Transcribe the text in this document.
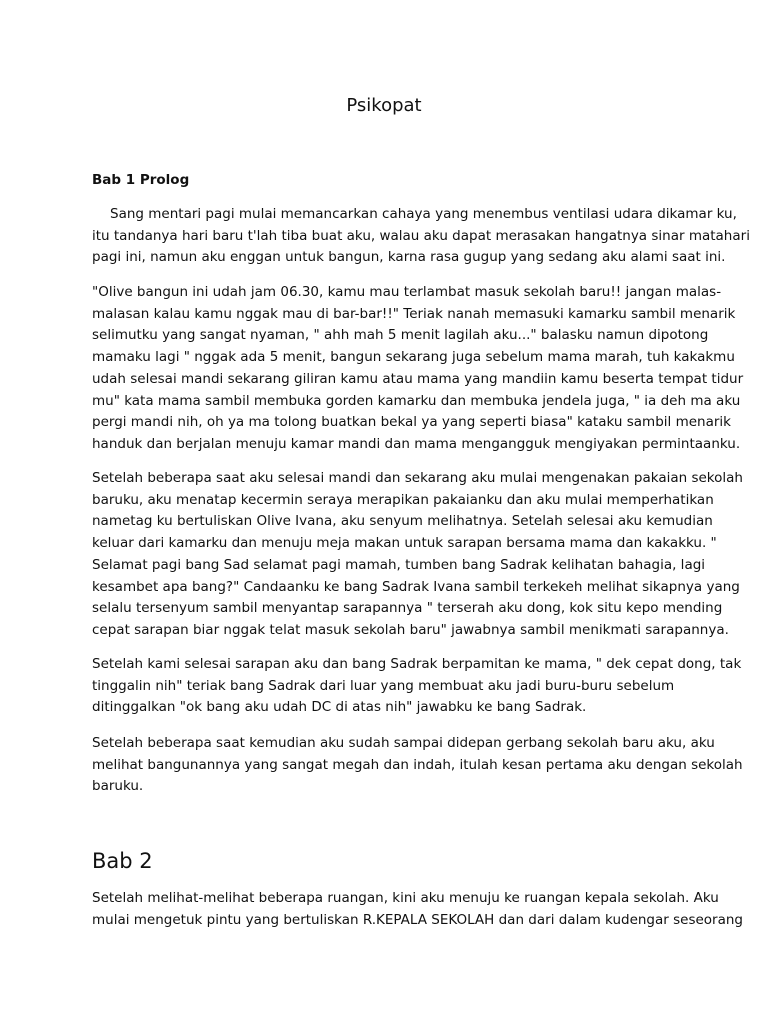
Psikopat
Bab 1 Prolog

Sang mentari pagi mulai memancarkan cahaya yang menembus ventilasi udara dikamar ku,
itu tandanya hari baru t'lah tiba buat aku, walau aku dapat merasakan hangatnya sinar matahari
pagi ini, namun aku enggan untuk bangun, karna rasa gugup yang sedang aku alami saat ini.

"Olive bangun ini udah jam 06.30, kamu mau terlambat masuk sekolah baru!! jangan malas-
malasan kalau kamu nggak mau di bar-bar!!" Teriak nanah memasuki kamarku sambil menarik
selimutku yang sangat nyaman, " ahh mah 5 menit lagilah aku..." balasku namun dipotong
mamaku lagi " nggak ada 5 menit, bangun sekarang juga sebelum mama marah, tuh kakakmu
udah selesai mandi sekarang giliran kamu atau mama yang mandiin kamu beserta tempat tidur
mu" kata mama sambil membuka gorden kamarku dan membuka jendela juga, " ia deh ma aku
pergi mandi nih, oh ya ma tolong buatkan bekal ya yang seperti biasa" kataku sambil menarik
handuk dan berjalan menuju kamar mandi dan mama mengangguk mengiyakan permintaanku.

Setelah beberapa saat aku selesai mandi dan sekarang aku mulai mengenakan pakaian sekolah
baruku, aku menatap kecermin seraya merapikan pakaianku dan aku mulai memperhatikan
nametag ku bertuliskan Olive Ivana, aku senyum melihatnya. Setelah selesai aku kemudian
keluar dari kamarku dan menuju meja makan untuk sarapan bersama mama dan kakakku. "
Selamat pagi bang Sad selamat pagi mamah, tumben bang Sadrak kelihatan bahagia, lagi
kesambet apa bang?" Candaanku ke bang Sadrak Ivana sambil terkekeh melihat sikapnya yang
selalu tersenyum sambil menyantap sarapannya " terserah aku dong, kok situ kepo mending
cepat sarapan biar nggak telat masuk sekolah baru" jawabnya sambil menikmati sarapannya.

Setelah kami selesai sarapan aku dan bang Sadrak berpamitan ke mama, " dek cepat dong, tak
tinggalin nih" teriak bang Sadrak dari luar yang membuat aku jadi buru-buru sebelum
ditinggalkan "ok bang aku udah DC di atas nih" jawabku ke bang Sadrak.

Setelah beberapa saat kemudian aku sudah sampai didepan gerbang sekolah baru aku, aku
melihat bangunannya yang sangat megah dan indah, itulah kesan pertama aku dengan sekolah
baruku.

Bab 2

Setelah melihat-melihat beberapa ruangan, kini aku menuju ke ruangan kepala sekolah. Aku
mulai mengetuk pintu yang bertuliskan R.KEPALA SEKOLAH dan dari dalam kudengar seseorang
